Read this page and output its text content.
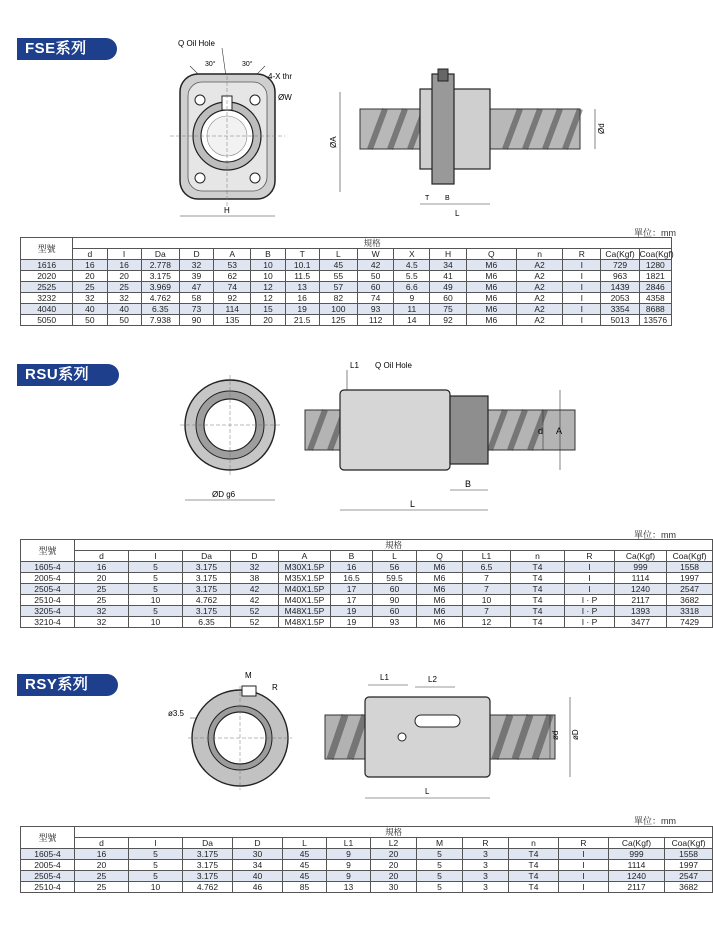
FSE系列	Q Oil Hole
30°	30°
4-X thr
ØW
H
ØA
Ød
T B
L
單位：mm
型號	規格															
	d	I	Da	D	A	B	T	L	W	X	H	Q	n	R	Ca(Kgf)	Coa(Kgf)
1616	16	16	2.778	32	53	10	10.1	45	42	4.5	34	M6	A2	I	729	1280
2020	20	20	3.175	39	62	10	11.5	55	50	5.5	41	M6	A2	I	963	1821
2525	25	25	3.969	47	74	12	13	57	60	6.6	49	M6	A2	I	1439	2846
3232	32	32	4.762	58	92	12	16	82	74	9	60	M6	A2	I	2053	4358
4040	40	40	6.35	73	114	15	19	100	93	11	75	M6	A2	I	3354	8688
5050	50	50	7.938	90	135	20	21.5	125	112	14	92	M6	A2	I	5013	13576
RSU系列
ØD g6
L1 Q Oil Hole
d A
B
L
單位：mm
型號	規格												
	d	I	Da	D	A	B	L	Q	L1	n	R	Ca(Kgf)	Coa(Kgf)
1605-4	16	5	3.175	32	M30X1.5P	16	56	M6	6.5	T4	I	999	1558
2005-4	20	5	3.175	38	M35X1.5P	16.5	59.5	M6	7	T4	I	1114	1997
2505-4	25	5	3.175	42	M40X1.5P	17	60	M6	7	T4	I	1240	2547
2510-4	25	10	4.762	42	M40X1.5P	17	90	M6	10	T4	I · P	2117	3682
3205-4	32	5	3.175	52	M48X1.5P	19	60	M6	7	T4	I · P	1393	3318
3210-4	32	10	6.35	52	M48X1.5P	19	93	M6	12	T4	I · P	3477	7429
RSY系列
M
R
ø3.5
L1	L2
ød øD
L
單位：mm
型號	規格												
	d	I	Da	D	L	L1	L2	M	R	n	R	Ca(Kgf)	Coa(Kgf)
1605-4	16	5	3.175	30	45	9	20	5	3	T4	I	999	1558
2005-4	20	5	3.175	34	45	9	20	5	3	T4	I	1114	1997
2505-4	25	5	3.175	40	45	9	20	5	3	T4	I	1240	2547
2510-4	25	10	4.762	46	85	13	30	5	3	T4	I	2117	3682
